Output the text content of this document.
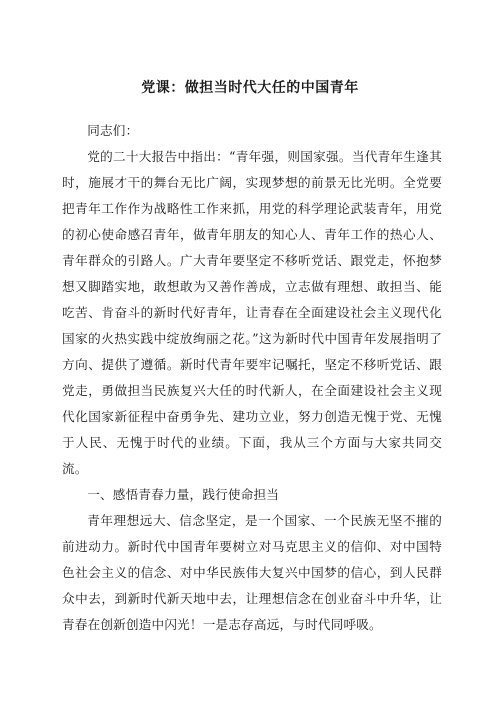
党课：做担当时代大任的中国青年

同志们：

党的二十大报告中指出：“青年强，则国家强。当代青年生逢其时，施展才干的舞台无比广阔，实现梦想的前景无比光明。全党要把青年工作作为战略性工作来抓，用党的科学理论武装青年，用党的初心使命感召青年，做青年朋友的知心人、青年工作的热心人、青年群众的引路人。广大青年要坚定不移听党话、跟党走，怀抱梦想又脚踏实地，敢想敢为又善作善成，立志做有理想、敢担当、能吃苦、肯奋斗的新时代好青年，让青春在全面建设社会主义现代化国家的火热实践中绽放绚丽之花。”这为新时代中国青年发展指明了方向、提供了遵循。新时代青年要牢记嘱托，坚定不移听党话、跟党走，勇做担当民族复兴大任的时代新人，在全面建设社会主义现代化国家新征程中奋勇争先、建功立业，努力创造无愧于党、无愧于人民、无愧于时代的业绩。下面，我从三个方面与大家共同交流。

一、感悟青春力量，践行使命担当

青年理想远大、信念坚定，是一个国家、一个民族无坚不摧的前进动力。新时代中国青年要树立对马克思主义的信仰、对中国特色社会主义的信念、对中华民族伟大复兴中国梦的信心，到人民群众中去，到新时代新天地中去，让理想信念在创业奋斗中升华，让青春在创新创造中闪光！一是志存高远，与时代同呼吸。
